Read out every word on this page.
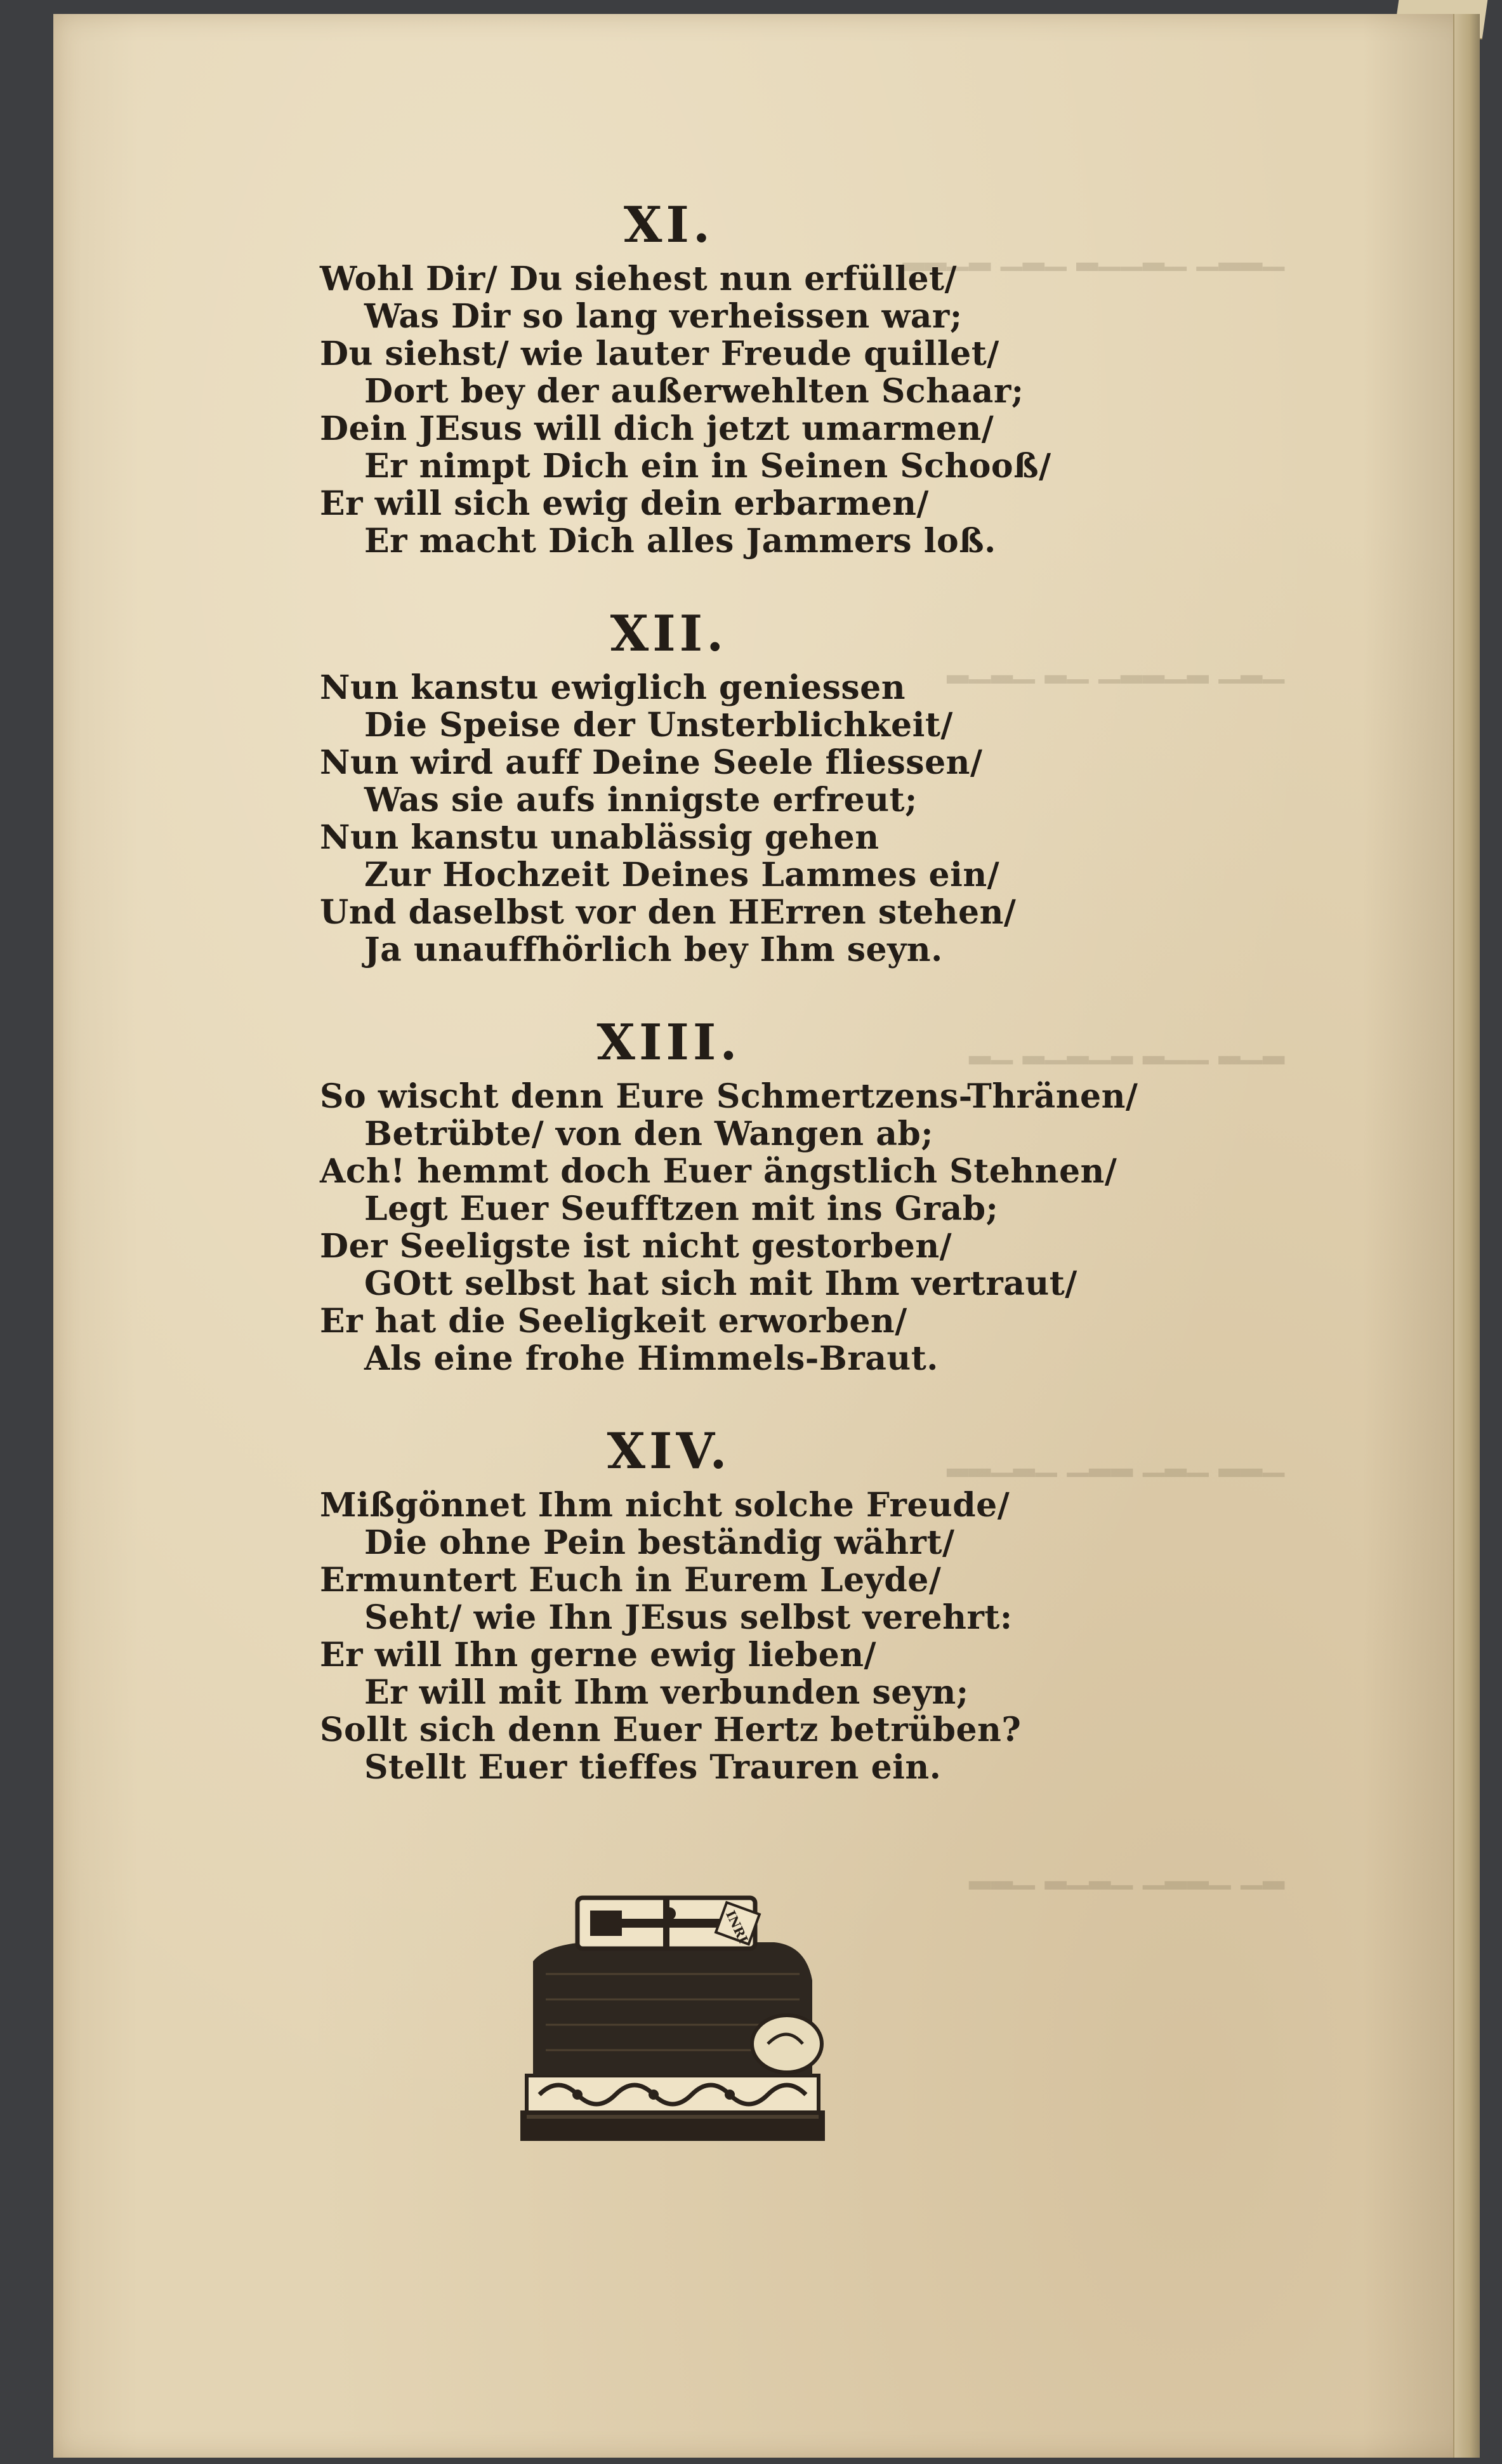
▁▂▂▁ ▁▂▁▁▂ ▁▂▁ ▂▁▂▂
▁▂▁ ▂▁▂▂▁ ▁▂ ▁▂▁▂
▂▁▂ ▁▁▂ ▂▁▂▁▂ ▁▂
▁▂▂ ▁▂▁ ▂▂▁ ▁▂▁▂▂
▂▁ ▁▂▂▁ ▁▂▁▂ ▁▂▂
XI.
Wohl Dir/ Du siehest nun erfüllet/
Was Dir so lang verheissen war;
Du siehst/ wie lauter Freude quillet/
Dort bey der außerwehlten Schaar;
Dein JEsus will dich jetzt umarmen/
Er nimpt Dich ein in Seinen Schooß/
Er will sich ewig dein erbarmen/
Er macht Dich alles Jammers loß.
XII.
Nun kanstu ewiglich geniessen
Die Speise der Unsterblichkeit/
Nun wird auff Deine Seele fliessen/
Was sie aufs innigste erfreut;
Nun kanstu unablässig gehen
Zur Hochzeit Deines Lammes ein/
Und daselbst vor den HErren stehen/
Ja unauffhörlich bey Ihm seyn.
XIII.
So wischt denn Eure Schmertzens-Thränen/
Betrübte/ von den Wangen ab;
Ach! hemmt doch Euer ängstlich Stehnen/
Legt Euer Seufftzen mit ins Grab;
Der Seeligste ist nicht gestorben/
GOtt selbst hat sich mit Ihm vertraut/
Er hat die Seeligkeit erworben/
Als eine frohe Himmels-Braut.
XIV.
Mißgönnet Ihm nicht solche Freude/
Die ohne Pein beständig währt/
Ermuntert Euch in Eurem Leyde/
Seht/ wie Ihn JEsus selbst verehrt:
Er will Ihn gerne ewig lieben/
Er will mit Ihm verbunden seyn;
Sollt sich denn Euer Hertz betrüben?
Stellt Euer tieffes Trauren ein.
INRI
